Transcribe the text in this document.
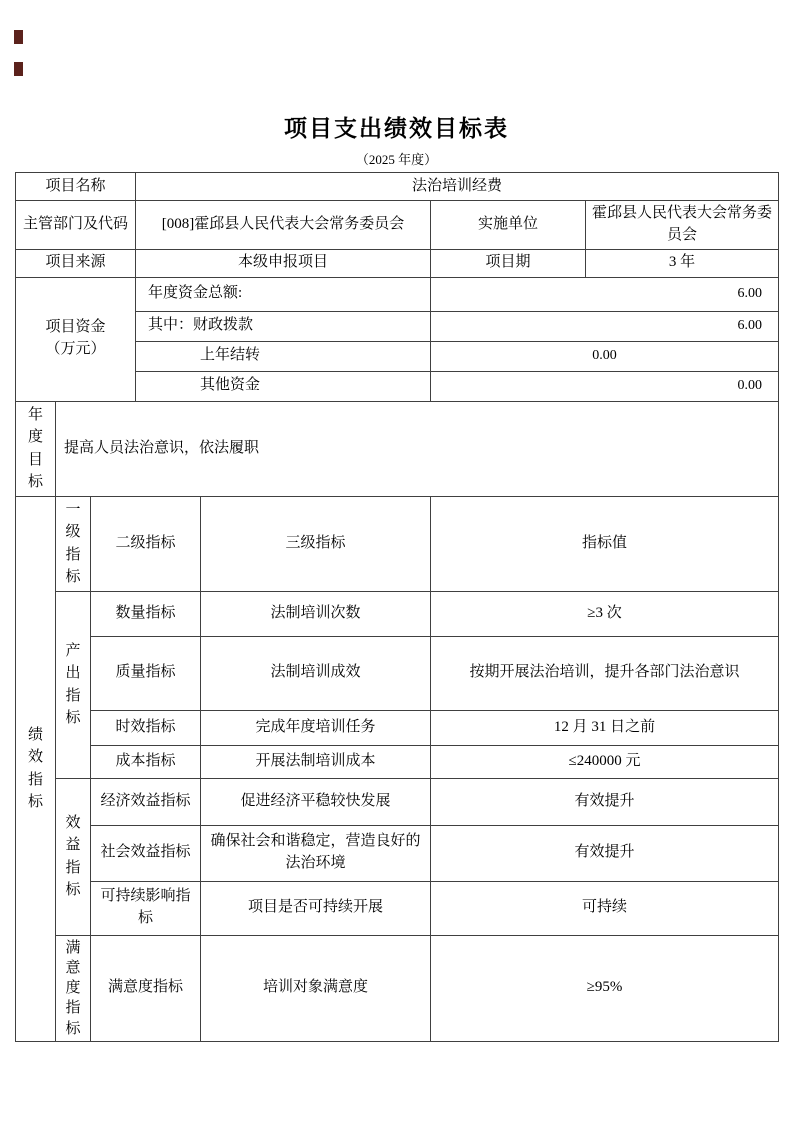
项目支出绩效目标表
（2025 年度）
项目名称			法治培训经费			
主管部门及代码			[008]霍邱县人民代表大会常务委员会		实施单位	霍邱县人民代表大会常务委员会
项目来源			本级申报项目		项目期	3 年

项目资金
（万元）			年度资金总额:		6.00	
			其中：财政拨款		6.00	
			上年结转		0.00	
			其他资金		0.00	

年度目标	提高人员法治意识，依法履职					

绩效指标	一级指标	二级指标		三级指标	指标值	

	产出指标	数量指标		法制培训次数	≥3 次	
		质量指标		法制培训成效	按期开展法治培训，提升各部门法治意识	
		时效指标		完成年度培训任务	12 月 31 日之前	
		成本指标		开展法制培训成本	≤240000 元	

	效益指标	经济效益指标		促进经济平稳较快发展	有效提升	
		社会效益指标		确保社会和谐稳定，营造良好的法治环境	有效提升	
		可持续影响指标		项目是否可持续开展	可持续	

	满意度指标	满意度指标		培训对象满意度	≥95%	
